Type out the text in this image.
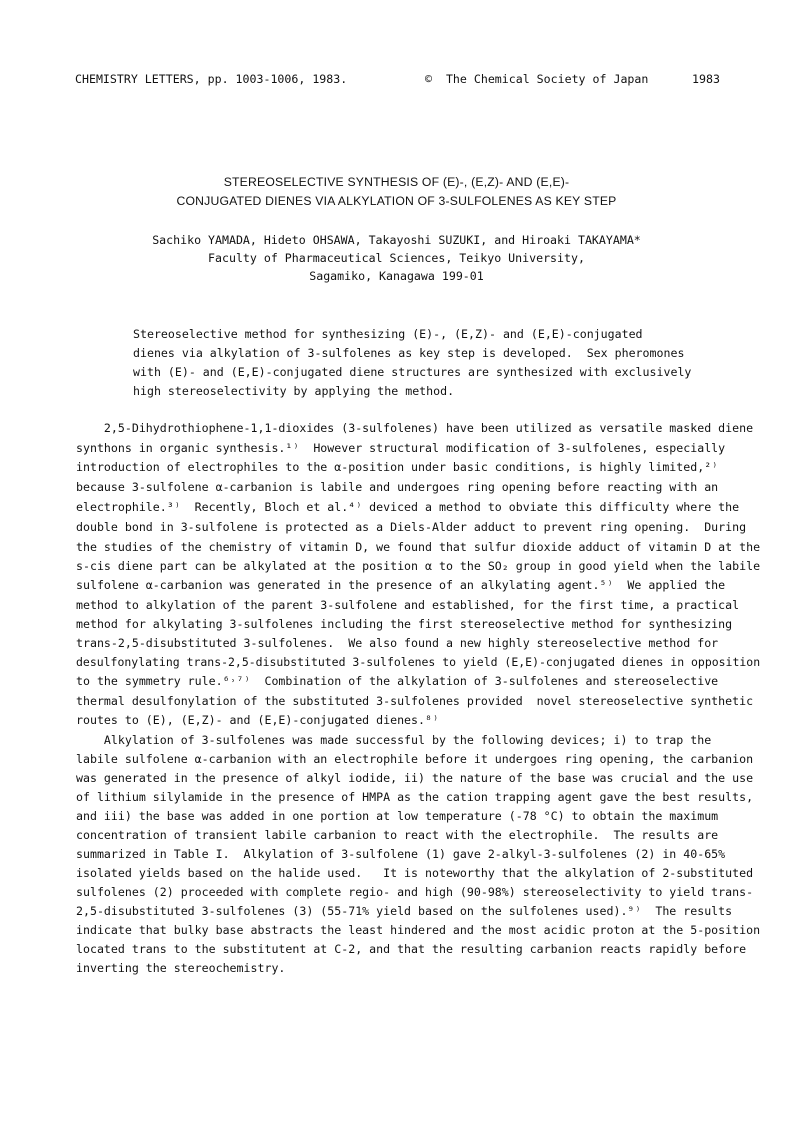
CHEMISTRY LETTERS, pp. 1003-1006, 1983.	©  The Chemical Society of Japan	1983
STEREOSELECTIVE SYNTHESIS OF (E)-, (E,Z)- AND (E,E)-
CONJUGATED DIENES VIA ALKYLATION OF 3-SULFOLENES AS KEY STEP
Sachiko YAMADA, Hideto OHSAWA, Takayoshi SUZUKI, and Hiroaki TAKAYAMA*
Faculty of Pharmaceutical Sciences, Teikyo University,
Sagamiko, Kanagawa 199-01
Stereoselective method for synthesizing (E)-, (E,Z)- and (E,E)-conjugated
dienes via alkylation of 3-sulfolenes as key step is developed.  Sex pheromones
with (E)- and (E,E)-conjugated diene structures are synthesized with exclusively
high stereoselectivity by applying the method.
2,5-Dihydrothiophene-1,1-dioxides (3-sulfolenes) have been utilized as versatile masked diene
synthons in organic synthesis.¹⁾  However structural modification of 3-sulfolenes, especially
introduction of electrophiles to the α-position under basic conditions, is highly limited,²⁾
because 3-sulfolene α-carbanion is labile and undergoes ring opening before reacting with an
electrophile.³⁾  Recently, Bloch et al.⁴⁾ deviced a method to obviate this difficulty where the
double bond in 3-sulfolene is protected as a Diels-Alder adduct to prevent ring opening.  During
the studies of the chemistry of vitamin D, we found that sulfur dioxide adduct of vitamin D at the
s-cis diene part can be alkylated at the position α to the SO₂ group in good yield when the labile
sulfolene α-carbanion was generated in the presence of an alkylating agent.⁵⁾  We applied the
method to alkylation of the parent 3-sulfolene and established, for the first time, a practical
method for alkylating 3-sulfolenes including the first stereoselective method for synthesizing
trans-2,5-disubstituted 3-sulfolenes.  We also found a new highly stereoselective method for
desulfonylating trans-2,5-disubstituted 3-sulfolenes to yield (E,E)-conjugated dienes in opposition
to the symmetry rule.⁶˒⁷⁾  Combination of the alkylation of 3-sulfolenes and stereoselective
thermal desulfonylation of the substituted 3-sulfolenes provided  novel stereoselective synthetic
routes to (E), (E,Z)- and (E,E)-conjugated dienes.⁸⁾
Alkylation of 3-sulfolenes was made successful by the following devices; i) to trap the
labile sulfolene α-carbanion with an electrophile before it undergoes ring opening, the carbanion
was generated in the presence of alkyl iodide, ii) the nature of the base was crucial and the use
of lithium silylamide in the presence of HMPA as the cation trapping agent gave the best results,
and iii) the base was added in one portion at low temperature (-78 °C) to obtain the maximum
concentration of transient labile carbanion to react with the electrophile.  The results are
summarized in Table I.  Alkylation of 3-sulfolene (1) gave 2-alkyl-3-sulfolenes (2) in 40-65%
isolated yields based on the halide used.   It is noteworthy that the alkylation of 2-substituted
sulfolenes (2) proceeded with complete regio- and high (90-98%) stereoselectivity to yield trans-
2,5-disubstituted 3-sulfolenes (3) (55-71% yield based on the sulfolenes used).⁹⁾  The results
indicate that bulky base abstracts the least hindered and the most acidic proton at the 5-position
located trans to the substitutent at C-2, and that the resulting carbanion reacts rapidly before
inverting the stereochemistry.
